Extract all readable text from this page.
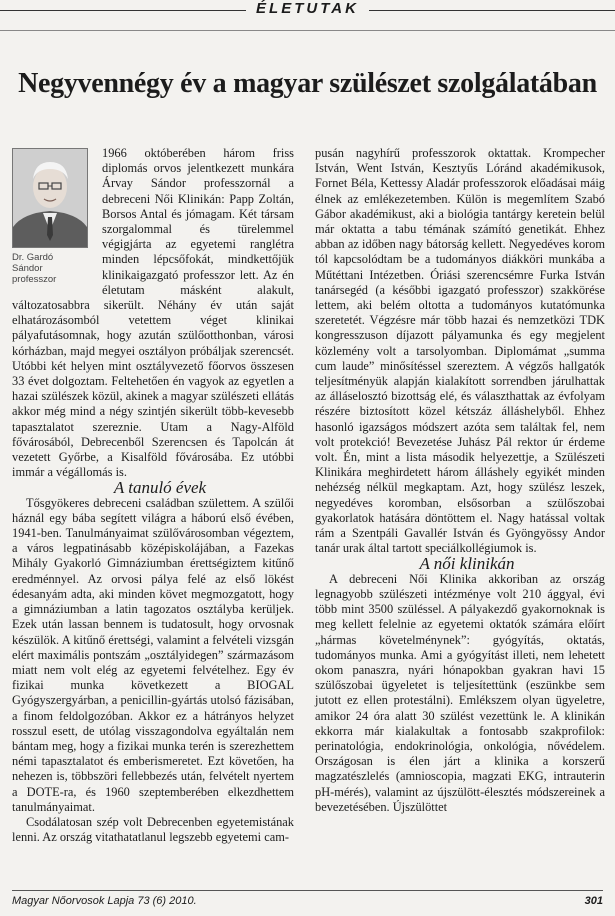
ÉLETUTAK
Negyvennégy év a magyar szülészet szolgálatában
Dr. Gardó
Sándor
professzor

1966 októberében három friss diplomás orvos jelentkezett munkára Árvay Sándor professzornál a debreceni Női Klinikán: Papp Zoltán, Borsos Antal és jómagam. Két társam szorgalommal és türelemmel végigjárta az egyetemi ranglétra minden lépcsőfokát, mindkettőjük klinikaigazgató professzor lett. Az én életutam másként alakult, változatosabbra sikerült. Néhány év után saját elhatározásomból vetettem véget klinikai pályafutásomnak, hogy azután szülőotthonban, városi kórházban, majd megyei osztályon próbáljak szerencsét. Utóbbi két helyen mint osztályvezető főorvos összesen 33 évet dolgoztam. Feltehetően én vagyok az egyetlen a hazai szülészek közül, akinek a magyar szülészeti ellátás akkor még mind a négy szintjén sikerült több-kevesebb tapasztalatot szereznie. Utam a Nagy-Alföld fővárosából, Debrecenből Szerencsen és Tapolcán át vezetett Győrbe, a Kisalföld fővárosába. Ez utóbbi immár a végállomás is.

A tanuló évek

Tősgyökeres debreceni családban születtem. A szülői háznál egy bába segített világra a háború első évében, 1941-ben. Tanulmányaimat szülővárosomban végeztem, a város legpatinásabb középiskolájában, a Fazekas Mihály Gyakorló Gimnáziumban érettségiztem kitűnő eredménnyel. Az orvosi pálya felé az első lökést édesanyám adta, aki minden követ megmozgatott, hogy a gimnáziumban a latin tagozatos osztályba kerüljek. Ezek után lassan bennem is tudatosult, hogy orvosnak készülök. A kitűnő érettségi, valamint a felvételi vizsgán elért maximális pontszám „osztályidegen” származásom miatt nem volt elég az egyetemi felvételhez. Egy év fizikai munka következett a BIOGAL Gyógyszergyárban, a penicillin-gyártás utolsó fázisában, a finom feldolgozóban. Akkor ez a hátrányos helyzet rosszul esett, de utólag visszagondolva egyáltalán nem bántam meg, hogy a fizikai munka terén is szerezhettem némi tapasztalatot és emberismeretet. Ezt követően, ha nehezen is, többszöri fellebbezés után, felvételt nyertem a DOTE-ra, és 1960 szeptemberében elkezdhettem tanulmányaimat.

Csodálatosan szép volt Debrecenben egyetemistának lenni. Az ország vitathatatlanul legszebb egyetemi cam-

pusán nagyhírű professzorok oktattak. Krompecher István, Went István, Kesztyűs Lóránd akadémikusok, Fornet Béla, Kettessy Aladár professzorok előadásai máig élnek az emlékezetemben. Külön is megemlítem Szabó Gábor akadémikust, aki a biológia tantárgy keretein belül már oktatta a tabu témának számító genetikát. Ehhez abban az időben nagy bátorság kellett. Negyedéves korom tól kapcsolódtam be a tudományos diákköri munkába a Műtéttani Intézetben. Óriási szerencsémre Furka István tanársegéd (a későbbi igazgató professzor) szakkörése lettem, aki belém oltotta a tudományos kutatómunka szeretetét. Végzésre már több hazai és nemzetközi TDK kongresszuson díjazott pályamunka és egy megjelent közlemény volt a tarsolyomban. Diplomámat „summa cum laude” minősítéssel szereztem. A végzős hallgatók teljesítményük alapján kialakított sorrendben járulhattak az álláselosztó bizottság elé, és választhattak az évfolyam részére biztosított közel kétszáz álláshelyből. Ehhez hasonló igazságos módszert azóta sem találtak fel, nem volt protekció! Bevezetése Juhász Pál rektor úr érdeme volt. Én, mint a lista második helyezettje, a Szülészeti Klinikára meghirdetett három álláshely egyikét minden nehézség nélkül megkaptam. Azt, hogy szülész leszek, negyedéves koromban, elsősorban a szülőszobai gyakorlatok hatására döntöttem el. Nagy hatással voltak rám a Szentpáli Gavallér István és Gyöngyössy Andor tanár urak által tartott speciálkollégiumok is.

A női klinikán

A debreceni Női Klinika akkoriban az ország legnagyobb szülészeti intézménye volt 210 ággyal, évi több mint 3500 szüléssel. A pályakezdő gyakornoknak is meg kellett felelnie az egyetemi oktatók számára előírt „hármas követelménynek”: gyógyítás, oktatás, tudományos munka. Ami a gyógyítást illeti, nem lehetett okom panaszra, nyári hónapokban gyakran havi 15 szülőszobai ügyeletet is teljesítettünk (eszünkbe sem jutott ez ellen protestálni). Emlékszem olyan ügyeletre, amikor 24 óra alatt 30 szülést vezettünk le. A klinikán ekkorra már kialakultak a fontosabb szakprofilok: perinatológia, endokrinológia, onkológia, nővédelem. Országosan is élen járt a klinika a korszerű magzatészlelés (amnioscopia, magzati EKG, intrauterin pH-mérés), valamint az újszülött-élesztés módszereinek a bevezetésében. Újszülöttet

Magyar Nőorvosok Lapja 73 (6) 2010.	301
